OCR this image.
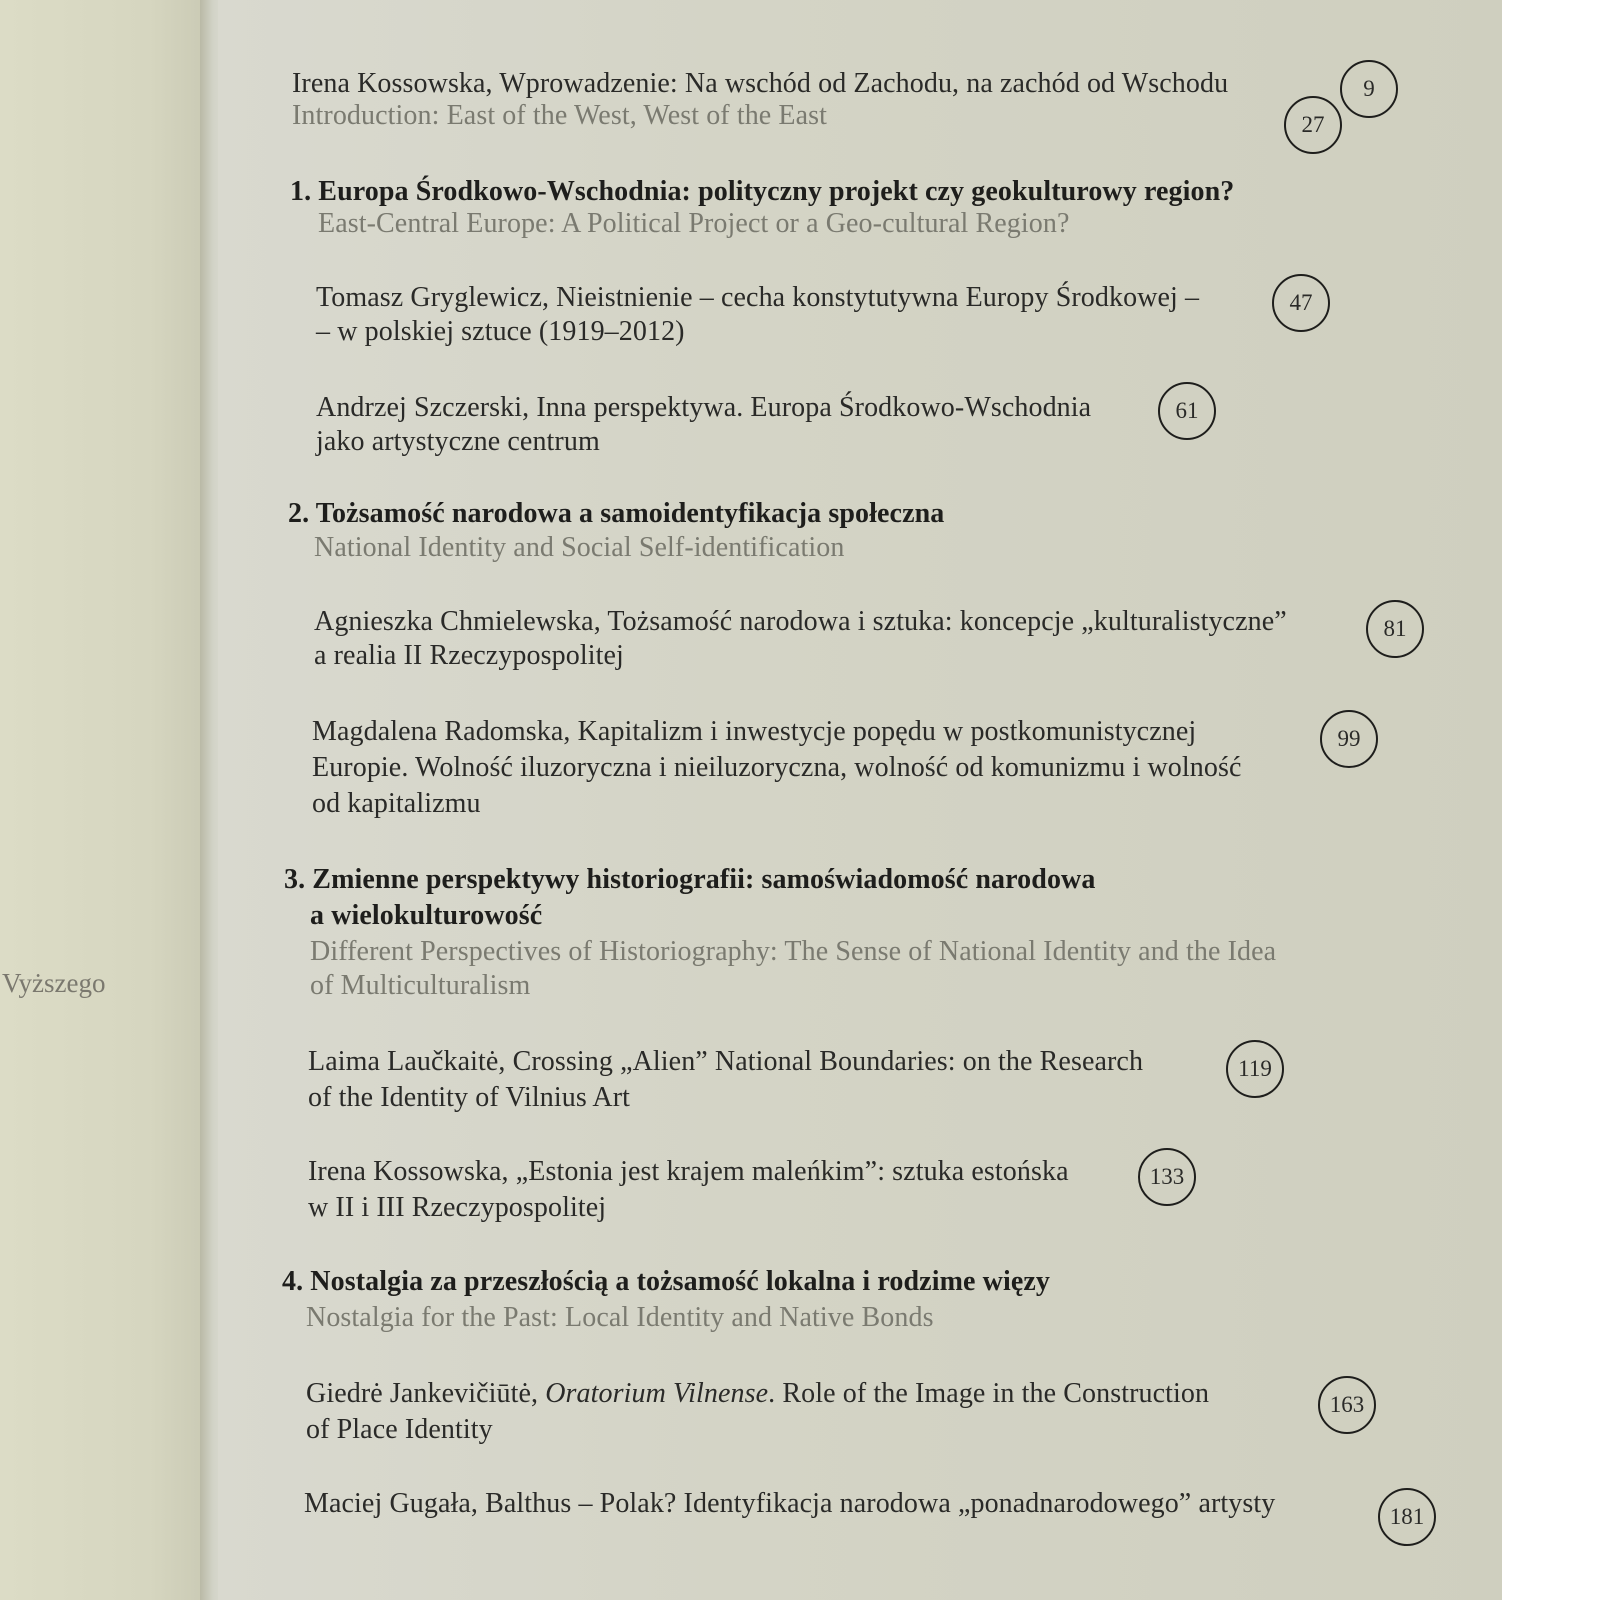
Vyższego
Irena Kossowska, Wprowadzenie: Na wschód od Zachodu, na zachód od Wschodu
Introduction: East of the West, West of the East
9
27
1. Europa Środkowo-Wschodnia: polityczny projekt czy geokulturowy region?
East-Central Europe: A Political Project or a Geo-cultural Region?
Tomasz Gryglewicz, Nieistnienie – cecha konstytutywna Europy Środkowej –
– w polskiej sztuce (1919–2012)
47
Andrzej Szczerski, Inna perspektywa. Europa Środkowo-Wschodnia
jako artystyczne centrum
61
2. Tożsamość narodowa a samoidentyfikacja społeczna
National Identity and Social Self-identification
Agnieszka Chmielewska, Tożsamość narodowa i sztuka: koncepcje „kulturalistyczne”
a realia II Rzeczypospolitej
81
Magdalena Radomska, Kapitalizm i inwestycje popędu w postkomunistycznej
Europie. Wolność iluzoryczna i nieiluzoryczna, wolność od komunizmu i wolność
od kapitalizmu
99
3. Zmienne perspektywy historiografii: samoświadomość narodowa
a wielokulturowość
Different Perspectives of Historiography: The Sense of National Identity and the Idea
of Multiculturalism
Laima Laučkaitė, Crossing „Alien” National Boundaries: on the Research
of the Identity of Vilnius Art
119
Irena Kossowska, „Estonia jest krajem maleńkim”: sztuka estońska
w II i III Rzeczypospolitej
133
4. Nostalgia za przeszłością a tożsamość lokalna i rodzime więzy
Nostalgia for the Past: Local Identity and Native Bonds
Giedrė Jankevičiūtė, Oratorium Vilnense. Role of the Image in the Construction
of Place Identity
163
Maciej Gugała, Balthus – Polak? Identyfikacja narodowa „ponadnarodowego” artysty	181
